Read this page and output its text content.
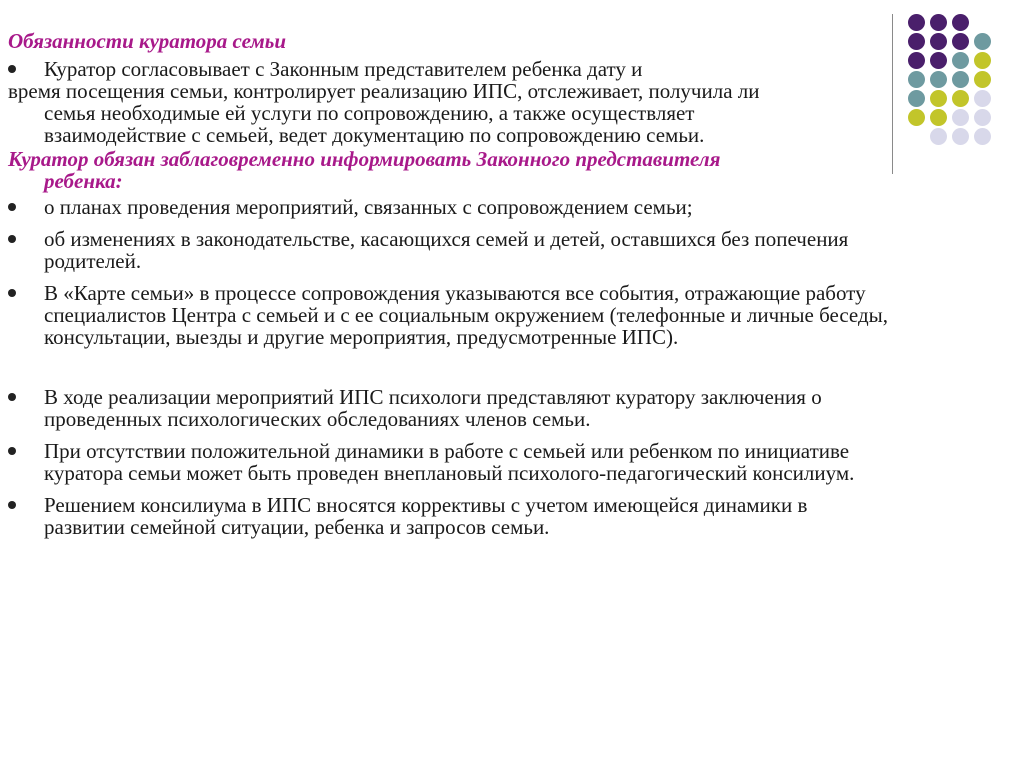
Обязанности куратора семьи
Куратор согласовывает с Законным представителем ребенка дату и
время посещения семьи, контролирует реализацию ИПС, отслеживает, получила ли
семья необходимые ей услуги по сопровождению, а также осуществляет
взаимодействие с семьей, ведет документацию по сопровождению семьи.
Куратор обязан заблаговременно информировать Законного представителя
ребенка:
о планах проведения мероприятий, связанных с сопровождением семьи;
об изменениях в законодательстве, касающихся семей и детей, оставшихся без попечения родителей.
В «Карте семьи» в процессе сопровождения указываются все события, отражающие работу специалистов Центра с семьей и с ее социальным окружением (телефонные и личные беседы, консультации, выезды и другие мероприятия, предусмотренные ИПС).
В ходе реализации мероприятий ИПС психологи представляют куратору заключения о проведенных психологических обследованиях членов семьи.
При отсутствии положительной динамики в работе с семьей или ребенком по инициативе куратора семьи может быть проведен внеплановый психолого-педагогический консилиум.
Решением консилиума в ИПС вносятся коррективы с учетом имеющейся динамики в развитии семейной ситуации, ребенка и запросов семьи.
